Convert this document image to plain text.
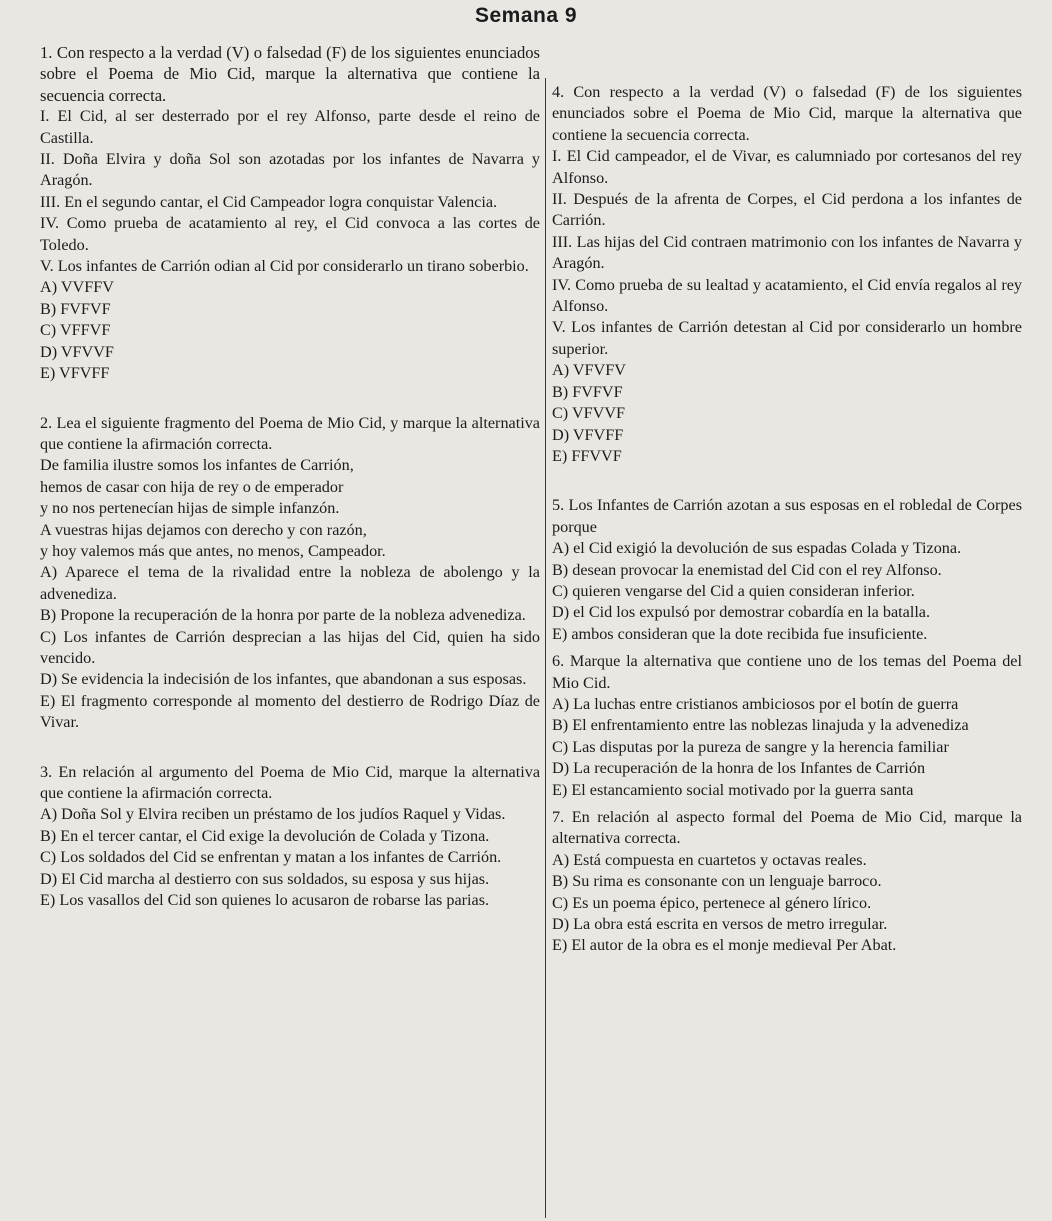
Semana 9
1. Con respecto a la verdad (V) o falsedad (F) de los siguientes enunciados sobre el Poema de Mio Cid, marque la alternativa que contiene la secuencia correcta.
I. El Cid, al ser desterrado por el rey Alfonso, parte desde el reino de Castilla.
II. Doña Elvira y doña Sol son azotadas por los infantes de Navarra y Aragón.
III. En el segundo cantar, el Cid Campeador logra conquistar Valencia.
IV. Como prueba de acatamiento al rey, el Cid convoca a las cortes de Toledo.
V. Los infantes de Carrión odian al Cid por considerarlo un tirano soberbio.
A) VVFFV
B) FVFVF
C) VFFVF
D) VFVVF
E) VFVFF
2. Lea el siguiente fragmento del Poema de Mio Cid, y marque la alternativa que contiene la afirmación correcta.
De familia ilustre somos los infantes de Carrión,
hemos de casar con hija de rey o de emperador
y no nos pertenecían hijas de simple infanzón.
A vuestras hijas dejamos con derecho y con razón,
y hoy valemos más que antes, no menos, Campeador.
A) Aparece el tema de la rivalidad entre la nobleza de abolengo y la advenediza.
B) Propone la recuperación de la honra por parte de la nobleza advenediza.
C) Los infantes de Carrión desprecian a las hijas del Cid, quien ha sido vencido.
D) Se evidencia la indecisión de los infantes, que abandonan a sus esposas.
E) El fragmento corresponde al momento del destierro de Rodrigo Díaz de Vivar.
3. En relación al argumento del Poema de Mio Cid, marque la alternativa que contiene la afirmación correcta.
A) Doña Sol y Elvira reciben un préstamo de los judíos Raquel y Vidas.
B) En el tercer cantar, el Cid exige la devolución de Colada y Tizona.
C) Los soldados del Cid se enfrentan y matan a los infantes de Carrión.
D) El Cid marcha al destierro con sus soldados, su esposa y sus hijas.
E) Los vasallos del Cid son quienes lo acusaron de robarse las parias.
4. Con respecto a la verdad (V) o falsedad (F) de los siguientes enunciados sobre el Poema de Mio Cid, marque la alternativa que contiene la secuencia correcta.
I. El Cid campeador, el de Vivar, es calumniado por cortesanos del rey Alfonso.
II. Después de la afrenta de Corpes, el Cid perdona a los infantes de Carrión.
III. Las hijas del Cid contraen matrimonio con los infantes de Navarra y Aragón.
IV. Como prueba de su lealtad y acatamiento, el Cid envía regalos al rey Alfonso.
V. Los infantes de Carrión detestan al Cid por considerarlo un hombre superior.
A) VFVFV
B) FVFVF
C) VFVVF
D) VFVFF
E) FFVVF
5. Los Infantes de Carrión azotan a sus esposas en el robledal de Corpes porque
A) el Cid exigió la devolución de sus espadas Colada y Tizona.
B) desean provocar la enemistad del Cid con el rey Alfonso.
C) quieren vengarse del Cid a quien consideran inferior.
D) el Cid los expulsó por demostrar cobardía en la batalla.
E) ambos consideran que la dote recibida fue insuficiente.
6. Marque la alternativa que contiene uno de los temas del Poema del Mio Cid.
A) La luchas entre cristianos ambiciosos por el botín de guerra
B) El enfrentamiento entre las noblezas linajuda y la advenediza
C) Las disputas por la pureza de sangre y la herencia familiar
D) La recuperación de la honra de los Infantes de Carrión
E) El estancamiento social motivado por la guerra santa
7. En relación al aspecto formal del Poema de Mio Cid, marque la alternativa correcta.
A) Está compuesta en cuartetos y octavas reales.
B) Su rima es consonante con un lenguaje barroco.
C) Es un poema épico, pertenece al género lírico.
D) La obra está escrita en versos de metro irregular.
E) El autor de la obra es el monje medieval Per Abat.
